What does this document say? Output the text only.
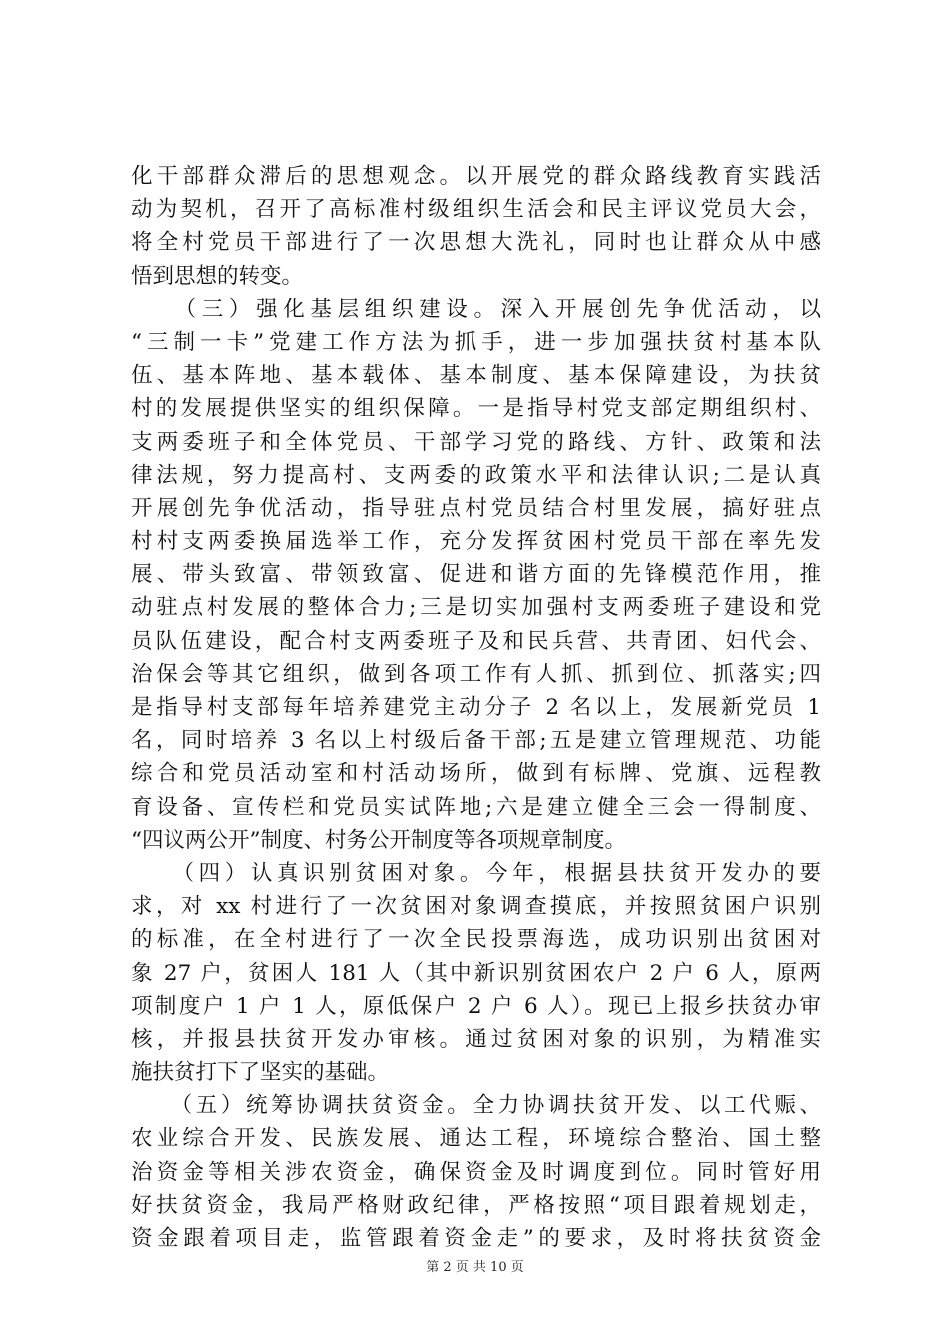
化干部群众滞后的思想观念。以开展党的群众路线教育实践活
动为契机，召开了高标准村级组织生活会和民主评议党员大会，
将全村党员干部进行了一次思想大洗礼，同时也让群众从中感
悟到思想的转变。
　　（三）强化基层组织建设。深入开展创先争优活动，以
“三制一卡”党建工作方法为抓手，进一步加强扶贫村基本队
伍、基本阵地、基本载体、基本制度、基本保障建设，为扶贫
村的发展提供坚实的组织保障。一是指导村党支部定期组织村、
支两委班子和全体党员、干部学习党的路线、方针、政策和法
律法规，努力提高村、支两委的政策水平和法律认识;二是认真
开展创先争优活动，指导驻点村党员结合村里发展，搞好驻点
村村支两委换届选举工作，充分发挥贫困村党员干部在率先发
展、带头致富、带领致富、促进和谐方面的先锋模范作用，推
动驻点村发展的整体合力;三是切实加强村支两委班子建设和党
员队伍建设，配合村支两委班子及和民兵营、共青团、妇代会、
治保会等其它组织，做到各项工作有人抓、抓到位、抓落实;四
是指导村支部每年培养建党主动分子 2 名以上，发展新党员 1
名，同时培养 3 名以上村级后备干部;五是建立管理规范、功能
综合和党员活动室和村活动场所，做到有标牌、党旗、远程教
育设备、宣传栏和党员实试阵地;六是建立健全三会一得制度、
“四议两公开”制度、村务公开制度等各项规章制度。
　　（四）认真识别贫困对象。今年，根据县扶贫开发办的要
求，对 xx 村进行了一次贫困对象调查摸底，并按照贫困户识别
的标准，在全村进行了一次全民投票海选，成功识别出贫困对
象 27 户，贫困人 181 人（其中新识别贫困农户 2 户 6 人，原两
项制度户 1 户 1 人，原低保户 2 户 6 人）。现已上报乡扶贫办审
核，并报县扶贫开发办审核。通过贫困对象的识别，为精准实
施扶贫打下了坚实的基础。
　　（五）统筹协调扶贫资金。全力协调扶贫开发、以工代赈、
农业综合开发、民族发展、通达工程，环境综合整治、国土整
治资金等相关涉农资金，确保资金及时调度到位。同时管好用
好扶贫资金，我局严格财政纪律，严格按照“项目跟着规划走，
资金跟着项目走，监管跟着资金走”的要求，及时将扶贫资金
第 2 页 共 10 页
